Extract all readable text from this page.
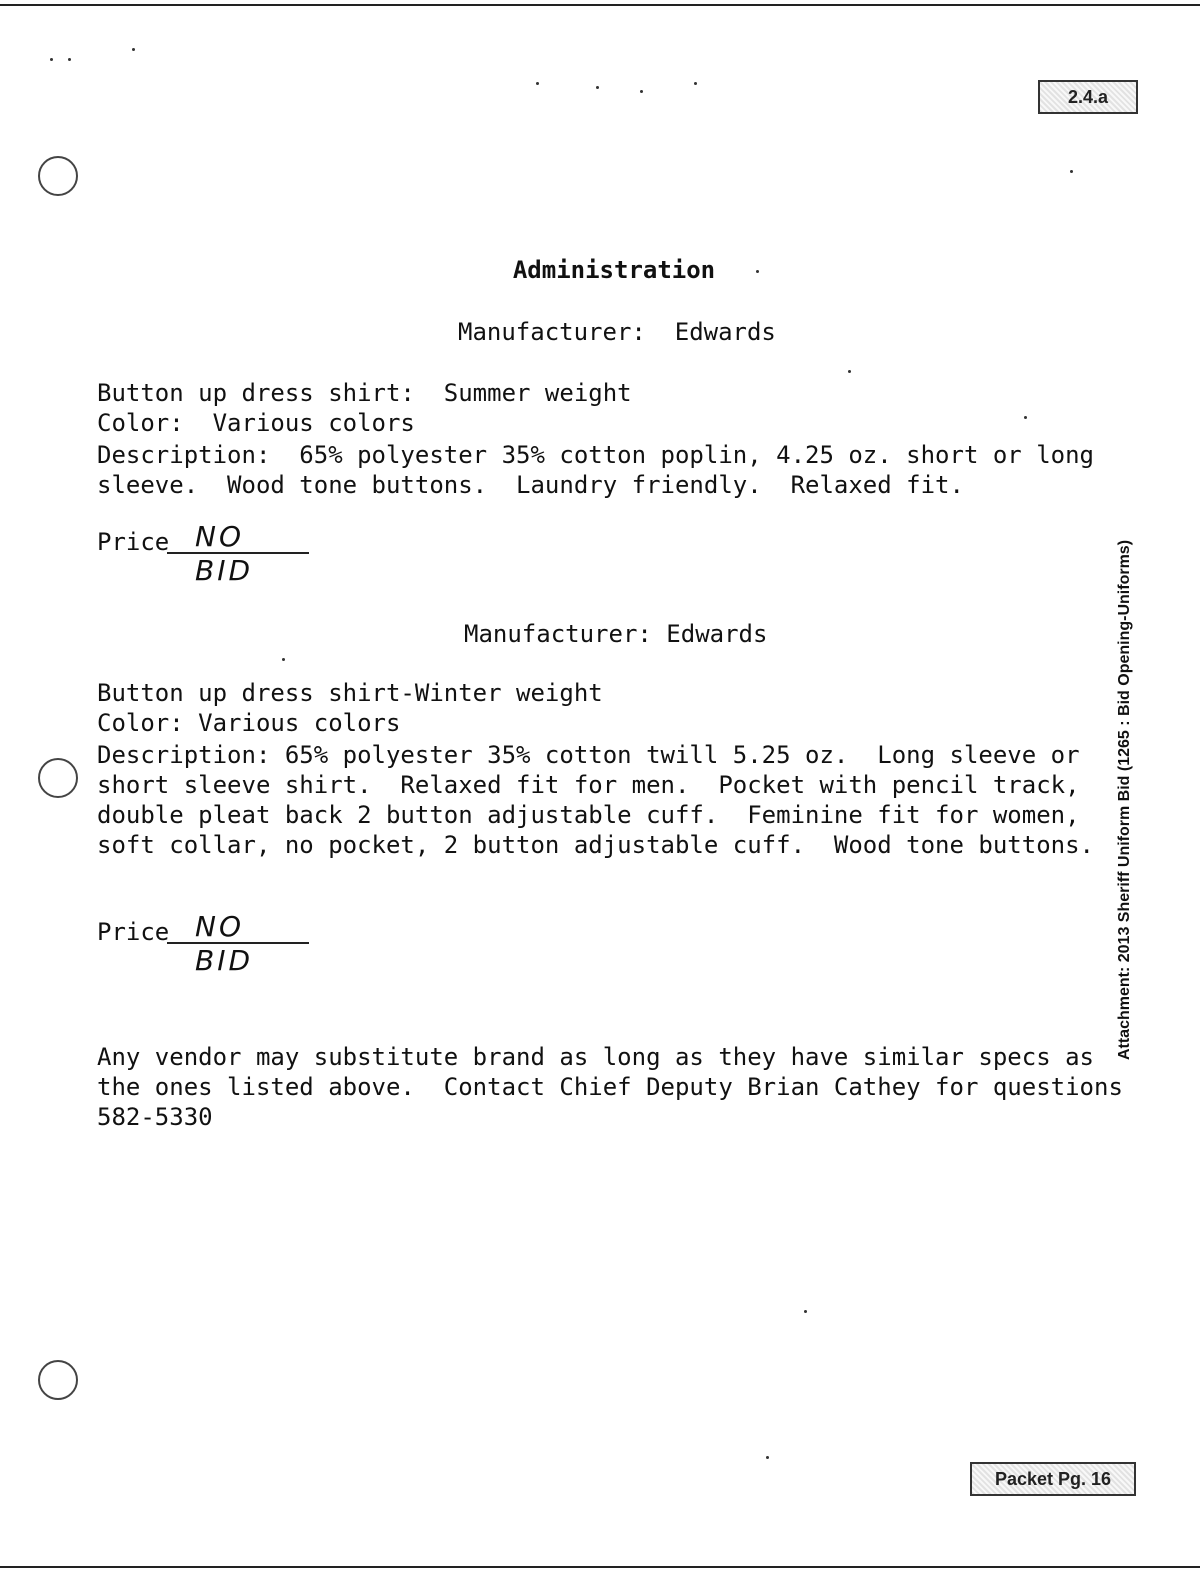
2.4.a
Administration

Manufacturer:  Edwards

Button up dress shirt:  Summer weight

Color:  Various colors

Description:  65% polyester 35% cotton poplin, 4.25 oz. short or long

sleeve.  Wood tone buttons.  Laundry friendly.  Relaxed fit.

Price NO BID

Manufacturer: Edwards

Button up dress shirt-Winter weight

Color: Various colors

Description: 65% polyester 35% cotton twill 5.25 oz.  Long sleeve or

short sleeve shirt.  Relaxed fit for men.  Pocket with pencil track,

double pleat back 2 button adjustable cuff.  Feminine fit for women,

soft collar, no pocket, 2 button adjustable cuff.  Wood tone buttons.

Price NO BID

Any vendor may substitute brand as long as they have similar specs as

the ones listed above.  Contact Chief Deputy Brian Cathey for questions

582-5330

Attachment: 2013 Sheriff Uniform Bid (1265 : Bid Opening-Uniforms)
Packet Pg. 16
